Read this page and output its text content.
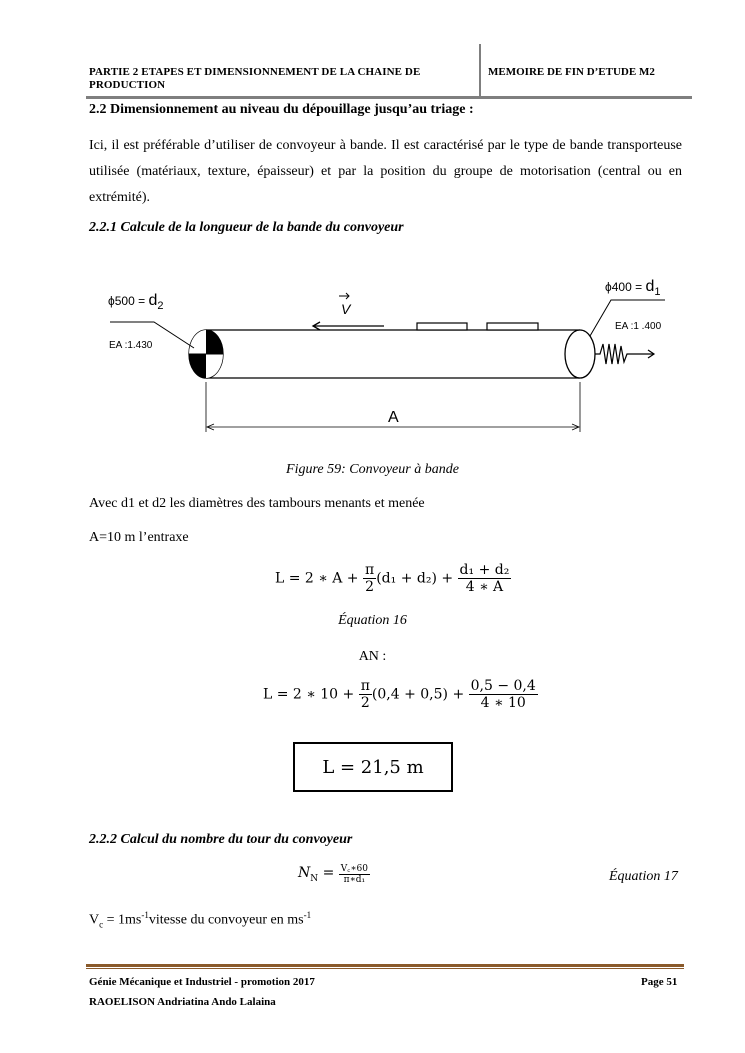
PARTIE 2 ETAPES ET DIMENSIONNEMENT DE LA CHAINE DE PRODUCTION
MEMOIRE DE FIN D’ETUDE M2
2.2 Dimensionnement au niveau du dépouillage jusqu’au triage :
Ici, il est préférable d’utiliser de convoyeur à bande. Il est caractérisé par le type de bande transporteuse utilisée (matériaux, texture, épaisseur) et par la position du groupe de motorisation (central ou en extrémité).
2.2.1 Calcule de la longueur de la bande du convoyeur
V
ϕ500 = d2
EA :1.430
ϕ400 = d1
EA :1 .400
A
Figure 59: Convoyeur à bande
Avec d1 et d2 les diamètres des tambours menants et menée
A=10 m l’entraxe
L = 2 ∗ $A + \frac{\pi}{2} (d_1 + d_2) + \frac{\text{d₁ + d₂}}{4 ∗ A}$
Équation 16
AN :
L = 2 ∗ $10 + \frac{\pi}{2} (0,4 + 0,5) + \frac{0,5 - 0,4}{4 ∗ 10}$
L = 21,5 m
2.2.2 Calcul du nombre du tour du convoyeur
$N_N = \frac{V꜀∗60}{\text{π∗d₁}}$	Équation 17
$V_c$ = $1ms^{-1}vitesse$ du convoyeur en $ms^{-1}$
Génie Mécanique et Industriel - promotion 2017	Page 51
RAOELISON Andriatina Ando Lalaina
